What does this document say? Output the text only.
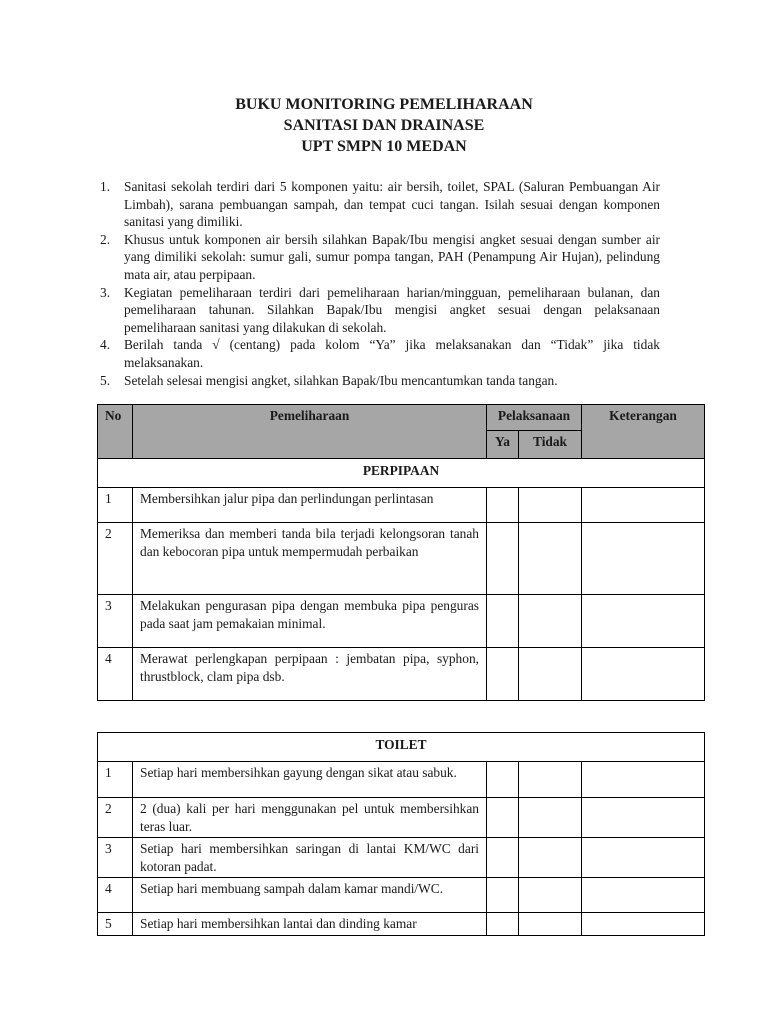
BUKU MONITORING PEMELIHARAAN
SANITASI DAN DRAINASE
UPT SMPN 10 MEDAN
1. Sanitasi sekolah terdiri dari 5 komponen yaitu: air bersih, toilet, SPAL (Saluran Pembuangan Air Limbah), sarana pembuangan sampah, dan tempat cuci tangan. Isilah sesuai dengan komponen sanitasi yang dimiliki.
2. Khusus untuk komponen air bersih silahkan Bapak/Ibu mengisi angket sesuai dengan sumber air yang dimiliki sekolah: sumur gali, sumur pompa tangan, PAH (Penampung Air Hujan), pelindung mata air, atau perpipaan.
3. Kegiatan pemeliharaan terdiri dari pemeliharaan harian/mingguan, pemeliharaan bulanan, dan pemeliharaan tahunan. Silahkan Bapak/Ibu mengisi angket sesuai dengan pelaksanaan pemeliharaan sanitasi yang dilakukan di sekolah.
4. Berilah tanda √ (centang) pada kolom “Ya” jika melaksanakan dan “Tidak” jika tidak melaksanakan.
5. Setelah selesai mengisi angket, silahkan Bapak/Ibu mencantumkan tanda tangan.
No	Pemeliharaan	Pelaksanaan		Keterangan
		Ya	Tidak	
PERPIPAAN				
1	Membersihkan jalur pipa dan perlindungan perlintasan			
2	Memeriksa dan memberi tanda bila terjadi kelongsoran tanah dan kebocoran pipa untuk mempermudah perbaikan			
3	Melakukan pengurasan pipa dengan membuka pipa penguras pada saat jam pemakaian minimal.			
4	Merawat perlengkapan perpipaan : jembatan pipa, syphon, thrustblock, clam pipa dsb.			
TOILET				
1	Setiap hari membersihkan gayung dengan sikat atau sabuk.			
2	2 (dua) kali per hari menggunakan pel untuk membersihkan teras luar.			
3	Setiap hari membersihkan saringan di lantai KM/WC dari kotoran padat.			
4	Setiap hari membuang sampah dalam kamar mandi/WC.			
5	Setiap hari membersihkan lantai dan dinding kamar			
